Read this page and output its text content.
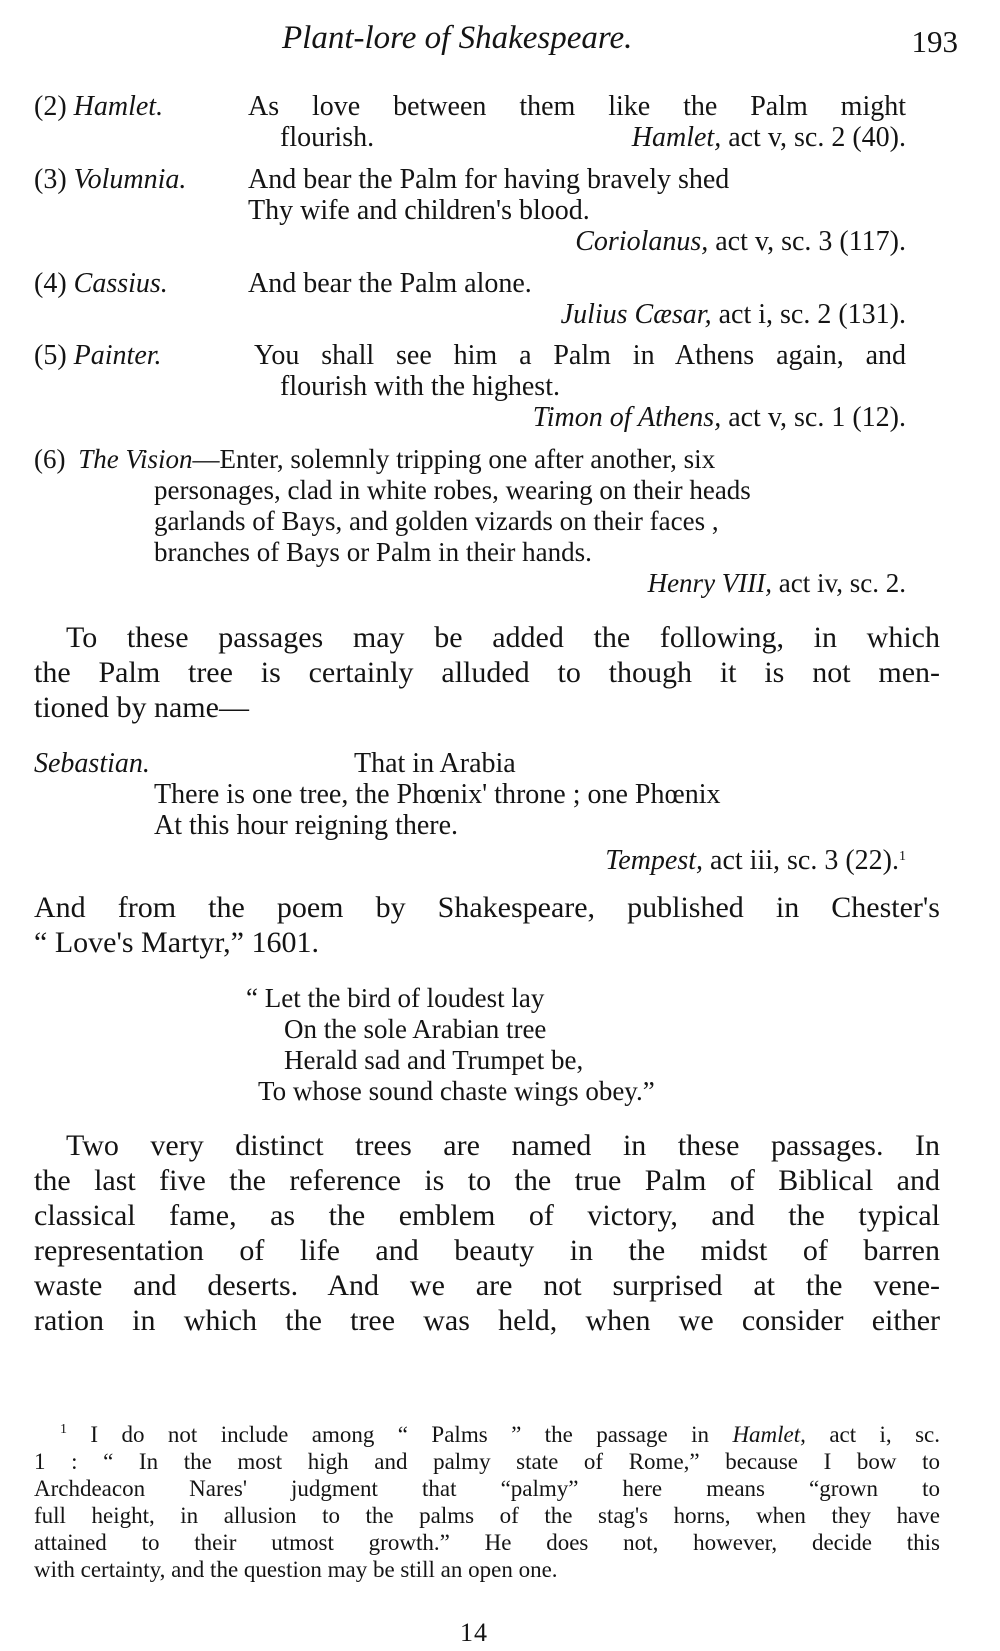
Plant-lore of Shakespeare.	193
(2) Hamlet.	As love between them like the Palm might
flourish.	Hamlet, act v, sc. 2 (40).
(3) Volumnia. And bear the Palm for having bravely shed
Thy wife and children's blood.
Coriolanus, act v, sc. 3 (117).
(4) Cassius.	And bear the Palm alone.
Julius Cæsar, act i, sc. 2 (131).
(5) Painter.	You shall see him a Palm in Athens again, and
flourish with the highest.
Timon of Athens, act v, sc. 1 (12).
(6) The Vision—Enter, solemnly tripping one after another, six
personages, clad in white robes, wearing on their heads
garlands of Bays, and golden vizards on their faces ,
branches of Bays or Palm in their hands.
Henry VIII, act iv, sc. 2.
To these passages may be added the following, in which
the Palm tree is certainly alluded to though it is not men-
tioned by name—
Sebastian.	That in Arabia
There is one tree, the Phœnix' throne ; one Phœnix
At this hour reigning there.
Tempest, act iii, sc. 3 (22).$^1$
And from the poem by Shakespeare, published in Chester's
“ Love's Martyr,” 1601.
“ Let the bird of loudest lay
On the sole Arabian tree
Herald sad and Trumpet be,
To whose sound chaste wings obey.”
Two very distinct trees are named in these passages. In
the last five the reference is to the true Palm of Biblical and
classical fame, as the emblem of victory, and the typical
representation of life and beauty in the midst of barren
waste and deserts. And we are not surprised at the vene-
ration in which the tree was held, when we consider either
$^1$ I do not include among “ Palms ” the passage in Hamlet, act i, sc.
1 : “ In the most high and palmy state of Rome,” because I bow to
Archdeacon Nares' judgment that “palmy” here means “grown to
full height, in allusion to the palms of the stag's horns, when they have
attained to their utmost growth.” He does not, however, decide this
with certainty, and the question may be still an open one.
14
